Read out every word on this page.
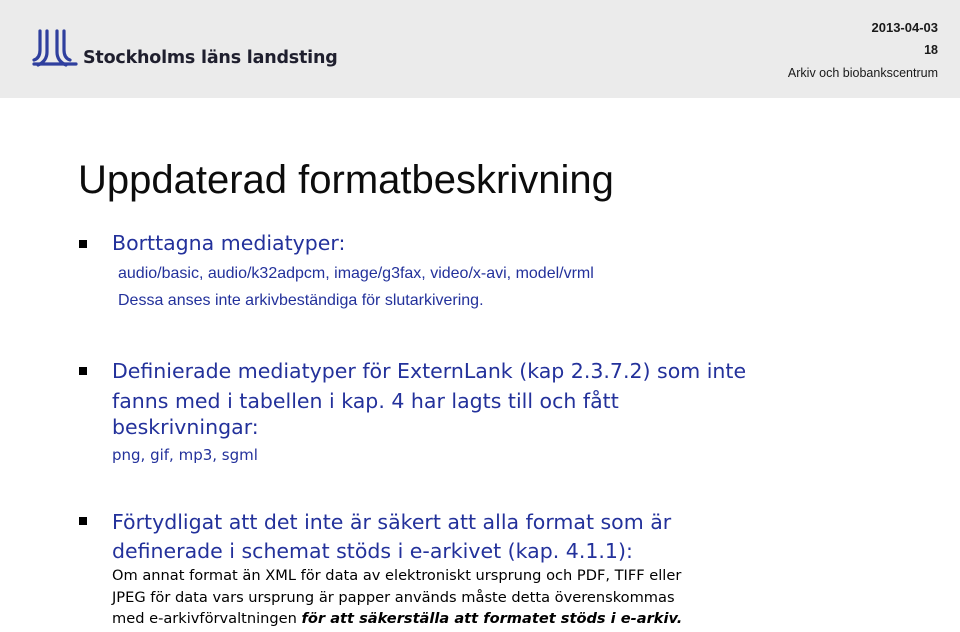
Stockholms läns landsting
2013-04-03
18
Arkiv och biobankscentrum
Uppdaterad formatbeskrivning
Borttagna mediatyper:
audio/basic, audio/k32adpcm, image/g3fax, video/x-avi, model/vrml
Dessa anses inte arkivbeständiga för slutarkivering.
Definierade mediatyper för ExternLank (kap 2.3.7.2) som inte
fanns med i tabellen i kap. 4 har lagts till och fått
beskrivningar:
png, gif, mp3, sgml
Förtydligat att det inte är säkert att alla format som är
definerade i schemat stöds i e-arkivet (kap. 4.1.1):
Om annat format än XML för data av elektroniskt ursprung och PDF, TIFF eller
JPEG för data vars ursprung är papper används måste detta överenskommas
med e-arkivförvaltningen för att säkerställa att formatet stöds i e-arkiv.
